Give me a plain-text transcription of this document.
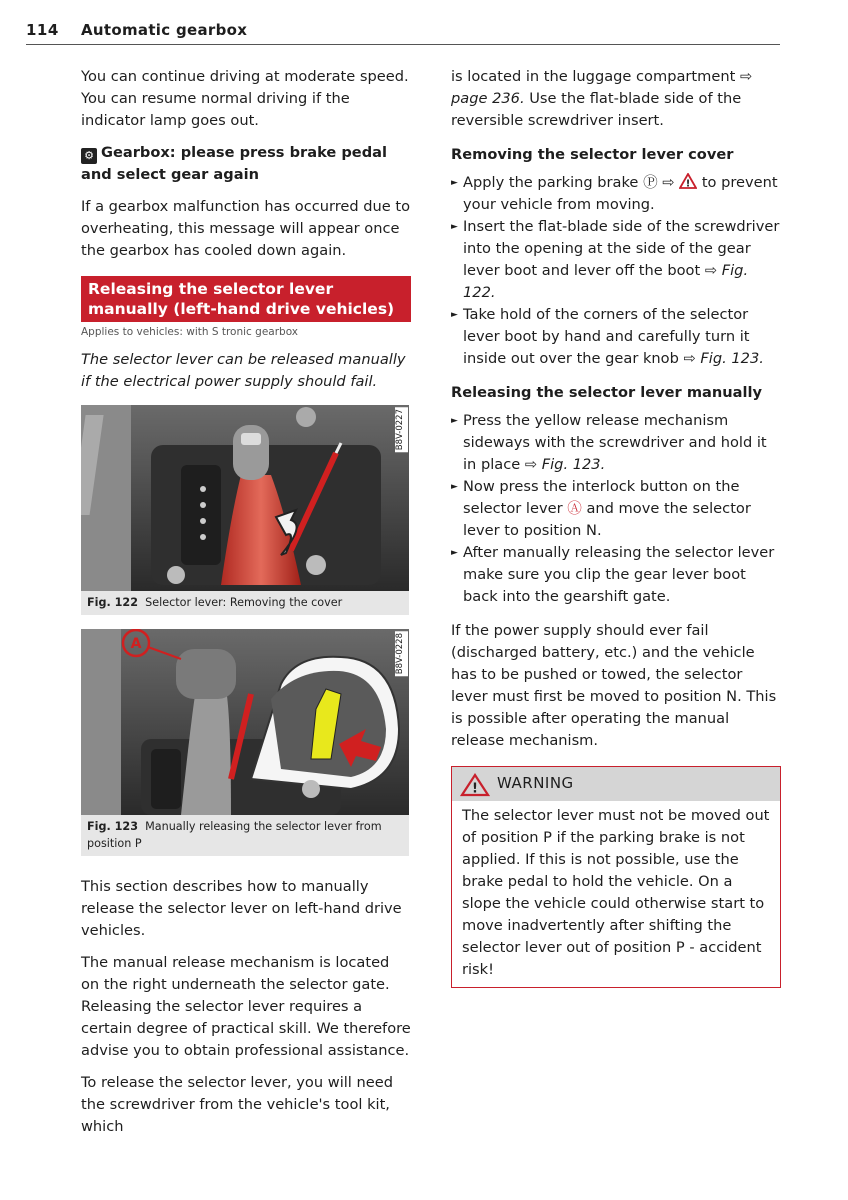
114 Automatic gearbox

You can continue driving at moderate speed. You can resume normal driving if the indicator lamp goes out.

⚙ Gearbox: please press brake pedal and select gear again

If a gearbox malfunction has occurred due to overheating, this message will appear once the gearbox has cooled down again.

Releasing the selector lever manually (left-hand drive vehicles)
Applies to vehicles: with S tronic gearbox

The selector lever can be released manually if the electrical power supply should fail.

B8V-0227
Fig. 122 Selector lever: Removing the cover
A	B8V-0228
Fig. 123 Manually releasing the selector lever from position P

This section describes how to manually release the selector lever on left-hand drive vehicles.

The manual release mechanism is located on the right underneath the selector gate. Releasing the selector lever requires a certain degree of practical skill. We therefore advise you to obtain professional assistance.

To release the selector lever, you will need the screwdriver from the vehicle's tool kit, which

is located in the luggage compartment ⇨ page 236. Use the flat-blade side of the reversible screwdriver insert.

Removing the selector lever cover
► Apply the parking brake Ⓟ ⇨ ! to prevent your vehicle from moving.
► Insert the flat-blade side of the screwdriver into the opening at the side of the gear lever boot and lever off the boot ⇨ Fig. 122.
► Take hold of the corners of the selector lever boot by hand and carefully turn it inside out over the gear knob ⇨ Fig. 123.
Releasing the selector lever manually
► Press the yellow release mechanism sideways with the screwdriver and hold it in place ⇨ Fig. 123.
► Now press the interlock button on the selector lever Ⓐ and move the selector lever to position N.
► After manually releasing the selector lever make sure you clip the gear lever boot back into the gearshift gate.

If the power supply should ever fail (discharged battery, etc.) and the vehicle has to be pushed or towed, the selector lever must first be moved to position N. This is possible after operating the manual release mechanism.

! WARNING
The selector lever must not be moved out of position P if the parking brake is not applied. If this is not possible, use the brake pedal to hold the vehicle. On a slope the vehicle could otherwise start to move inadvertently after shifting the selector lever out of position P - accident risk!
